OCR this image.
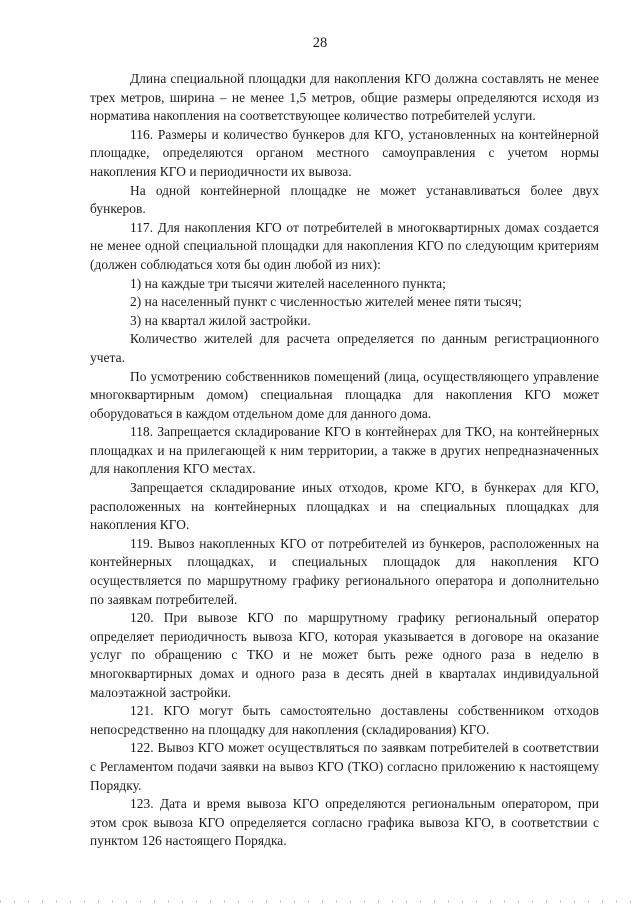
28

Длина специальной площадки для накопления КГО должна составлять не менее трех метров, ширина – не менее 1,5 метров, общие размеры определяются исходя из норматива накопления на соответствующее количество потребителей услуги.

116. Размеры и количество бункеров для КГО, установленных на контейнерной площадке, определяются органом местного самоуправления с учетом нормы накопления КГО и периодичности их вывоза.

На одной контейнерной площадке не может устанавливаться более двух бункеров.

117. Для накопления КГО от потребителей в многоквартирных домах создается не менее одной специальной площадки для накопления КГО по следующим критериям (должен соблюдаться хотя бы один любой из них):

1) на каждые три тысячи жителей населенного пункта;

2) на населенный пункт с численностью жителей менее пяти тысяч;

3) на квартал жилой застройки.

Количество жителей для расчета определяется по данным регистрационного учета.

По усмотрению собственников помещений (лица, осуществляющего управление многоквартирным домом) специальная площадка для накопления КГО может оборудоваться в каждом отдельном доме для данного дома.

118. Запрещается складирование КГО в контейнерах для ТКО, на контейнерных площадках и на прилегающей к ним территории, а также в других непредназначенных для накопления КГО местах.

Запрещается складирование иных отходов, кроме КГО, в бункерах для КГО, расположенных на контейнерных площадках и на специальных площадках для накопления КГО.

119. Вывоз накопленных КГО от потребителей из бункеров, расположенных на контейнерных площадках, и специальных площадок для накопления КГО осуществляется по маршрутному графику регионального оператора и дополнительно по заявкам потребителей.

120. При вывозе КГО по маршрутному графику региональный оператор определяет периодичность вывоза КГО, которая указывается в договоре на оказание услуг по обращению с ТКО и не может быть реже одного раза в неделю в многоквартирных домах и одного раза в десять дней в кварталах индивидуальной малоэтажной застройки.

121. КГО могут быть самостоятельно доставлены собственником отходов непосредственно на площадку для накопления (складирования) КГО.

122. Вывоз КГО может осуществляться по заявкам потребителей в соответствии с Регламентом подачи заявки на вывоз КГО (ТКО) согласно приложению к настоящему Порядку.

123. Дата и время вывоза КГО определяются региональным оператором, при этом срок вывоза КГО определяется согласно графика вывоза КГО, в соответствии с пунктом 126 настоящего Порядка.
